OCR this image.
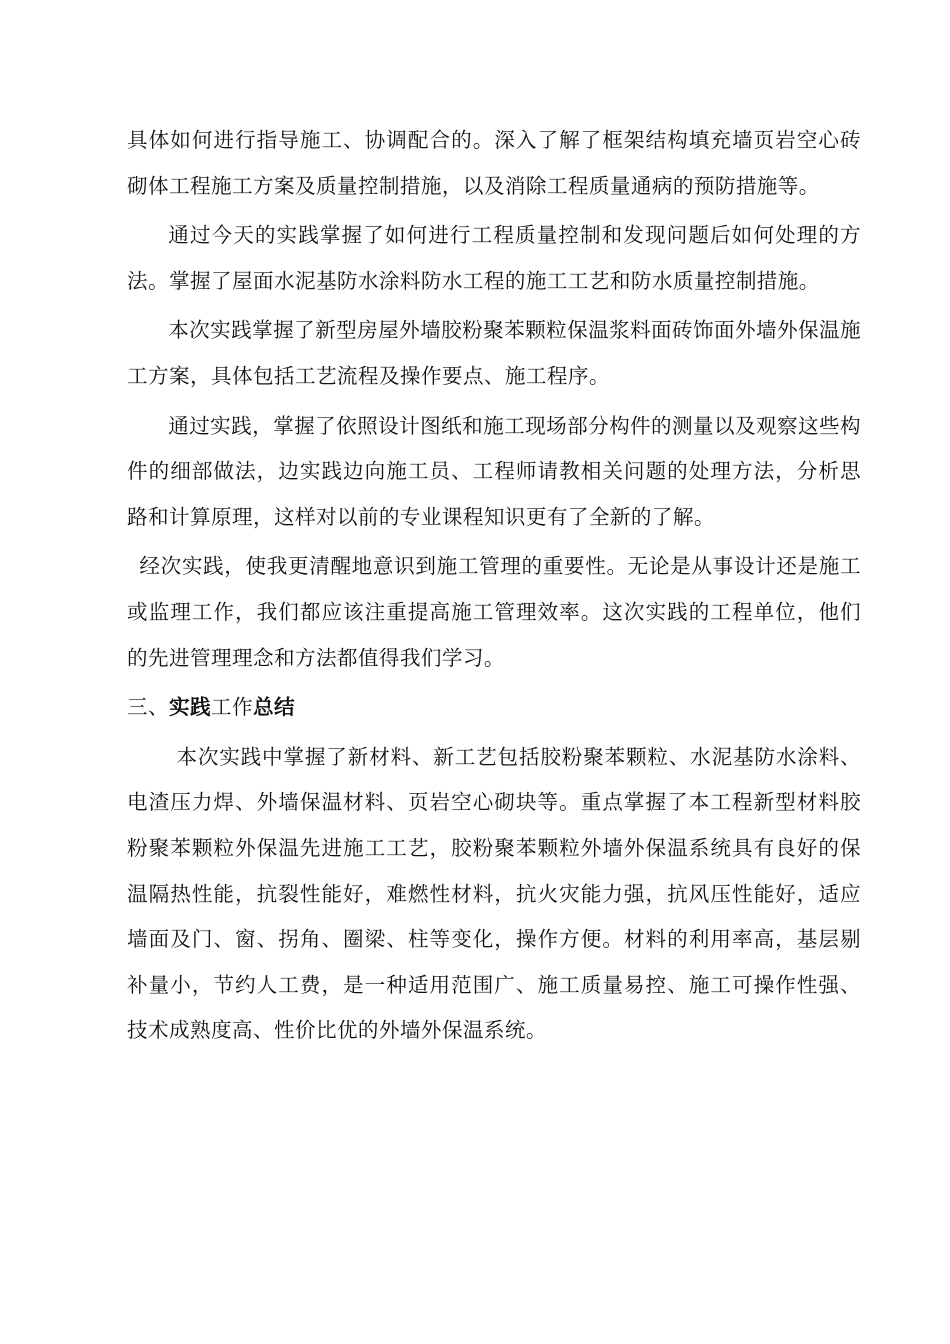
具体如何进行指导施工、协调配合的。深入了解了框架结构填充墙页岩空心砖砌体工程施工方案及质量控制措施，以及消除工程质量通病的预防措施等。

通过今天的实践掌握了如何进行工程质量控制和发现问题后如何处理的方法。掌握了屋面水泥基防水涂料防水工程的施工工艺和防水质量控制措施。

本次实践掌握了新型房屋外墙胶粉聚苯颗粒保温浆料面砖饰面外墙外保温施工方案，具体包括工艺流程及操作要点、施工程序。

通过实践，掌握了依照设计图纸和施工现场部分构件的测量以及观察这些构件的细部做法，边实践边向施工员、工程师请教相关问题的处理方法，分析思路和计算原理，这样对以前的专业课程知识更有了全新的了解。

经次实践，使我更清醒地意识到施工管理的重要性。无论是从事设计还是施工或监理工作，我们都应该注重提高施工管理效率。这次实践的工程单位，他们的先进管理理念和方法都值得我们学习。

三、实践工作总结

本次实践中掌握了新材料、新工艺包括胶粉聚苯颗粒、水泥基防水涂料、电渣压力焊、外墙保温材料、页岩空心砌块等。重点掌握了本工程新型材料胶粉聚苯颗粒外保温先进施工工艺，胶粉聚苯颗粒外墙外保温系统具有良好的保温隔热性能，抗裂性能好，难燃性材料，抗火灾能力强，抗风压性能好，适应墙面及门、窗、拐角、圈梁、柱等变化，操作方便。材料的利用率高，基层剔补量小，节约人工费，是一种适用范围广、施工质量易控、施工可操作性强、技术成熟度高、性价比优的外墙外保温系统。
